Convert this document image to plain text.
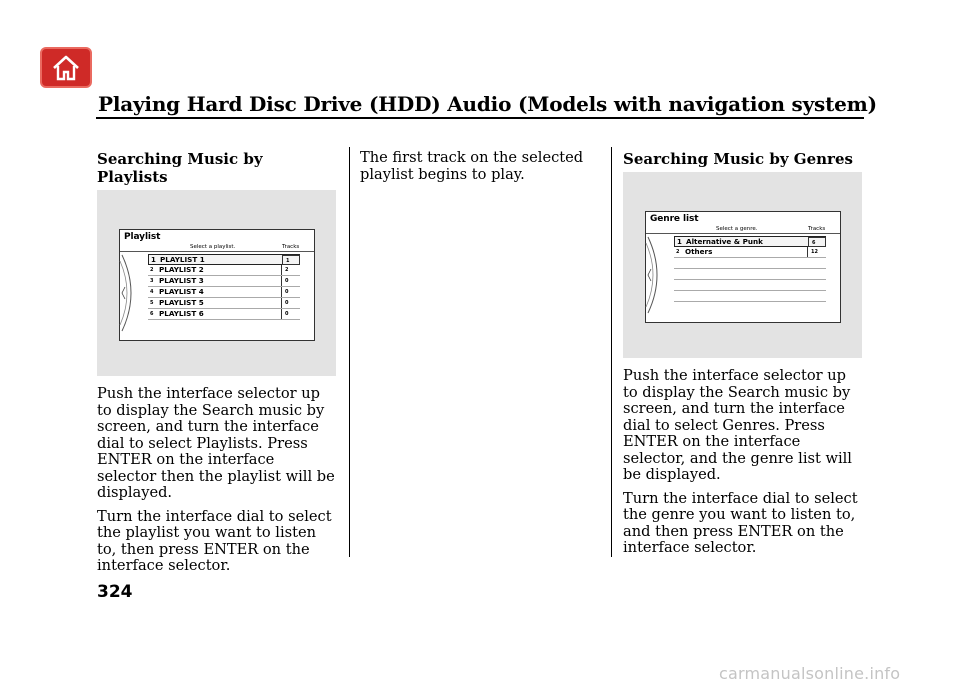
Playing Hard Disc Drive (HDD) Audio (Models with navigation system)
Searching Music by Playlists
Playlist
Select a playlist.	Tracks
1 PLAYLIST 1	1
2 PLAYLIST 2	2
3 PLAYLIST 3	0
4 PLAYLIST 4	0
5 PLAYLIST 5	0
6 PLAYLIST 6	0

Push the interface selector up to display the Search music by screen, and turn the interface dial to select Playlists. Press ENTER on the interface selector then the playlist will be displayed.

Turn the interface dial to select the playlist you want to listen to, then press ENTER on the interface selector.

The first track on the selected playlist begins to play.

Searching Music by Genres
Genre list
Select a genre.	Tracks
1 Alternative & Punk	6
2 Others	12

Push the interface selector up to display the Search music by screen, and turn the interface dial to select Genres. Press ENTER on the interface selector, and the genre list will be displayed.

Turn the interface dial to select the genre you want to listen to, and then press ENTER on the interface selector.

324
carmanualsonline.info
